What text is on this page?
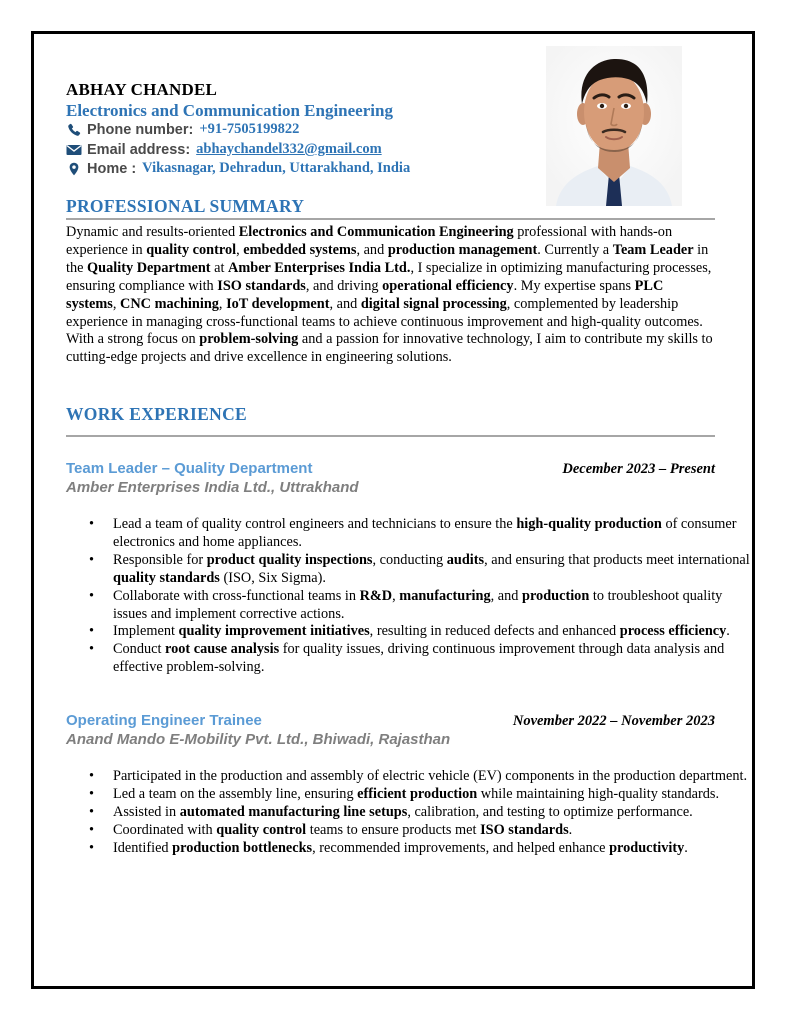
ABHAY CHANDEL
Electronics and Communication Engineering
Phone number: +91-7505199822
Email address: abhaychandel332@gmail.com
Home : Vikasnagar, Dehradun, Uttarakhand, India
PROFESSIONAL SUMMARY
Dynamic and results-oriented Electronics and Communication Engineering professional with hands-on experience in quality control, embedded systems, and production management. Currently a Team Leader in the Quality Department at Amber Enterprises India Ltd., I specialize in optimizing manufacturing processes, ensuring compliance with ISO standards, and driving operational efficiency. My expertise spans PLC systems, CNC machining, IoT development, and digital signal processing, complemented by leadership experience in managing cross-functional teams to achieve continuous improvement and high-quality outcomes. With a strong focus on problem-solving and a passion for innovative technology, I aim to contribute my skills to cutting-edge projects and drive excellence in engineering solutions.
WORK EXPERIENCE
Team Leader – Quality Department	December 2023 – Present
Amber Enterprises India Ltd., Uttrakhand
• Lead a team of quality control engineers and technicians to ensure the high-quality production of consumer electronics and home appliances.
• Responsible for product quality inspections, conducting audits, and ensuring that products meet international quality standards (ISO, Six Sigma).
• Collaborate with cross-functional teams in R&D, manufacturing, and production to troubleshoot quality issues and implement corrective actions.
• Implement quality improvement initiatives, resulting in reduced defects and enhanced process efficiency.
• Conduct root cause analysis for quality issues, driving continuous improvement through data analysis and effective problem-solving.
Operating Engineer Trainee	November 2022 – November 2023
Anand Mando E-Mobility Pvt. Ltd., Bhiwadi, Rajasthan
• Participated in the production and assembly of electric vehicle (EV) components in the production department.
• Led a team on the assembly line, ensuring efficient production while maintaining high-quality standards.
• Assisted in automated manufacturing line setups, calibration, and testing to optimize performance.
• Coordinated with quality control teams to ensure products met ISO standards.
• Identified production bottlenecks, recommended improvements, and helped enhance productivity.
